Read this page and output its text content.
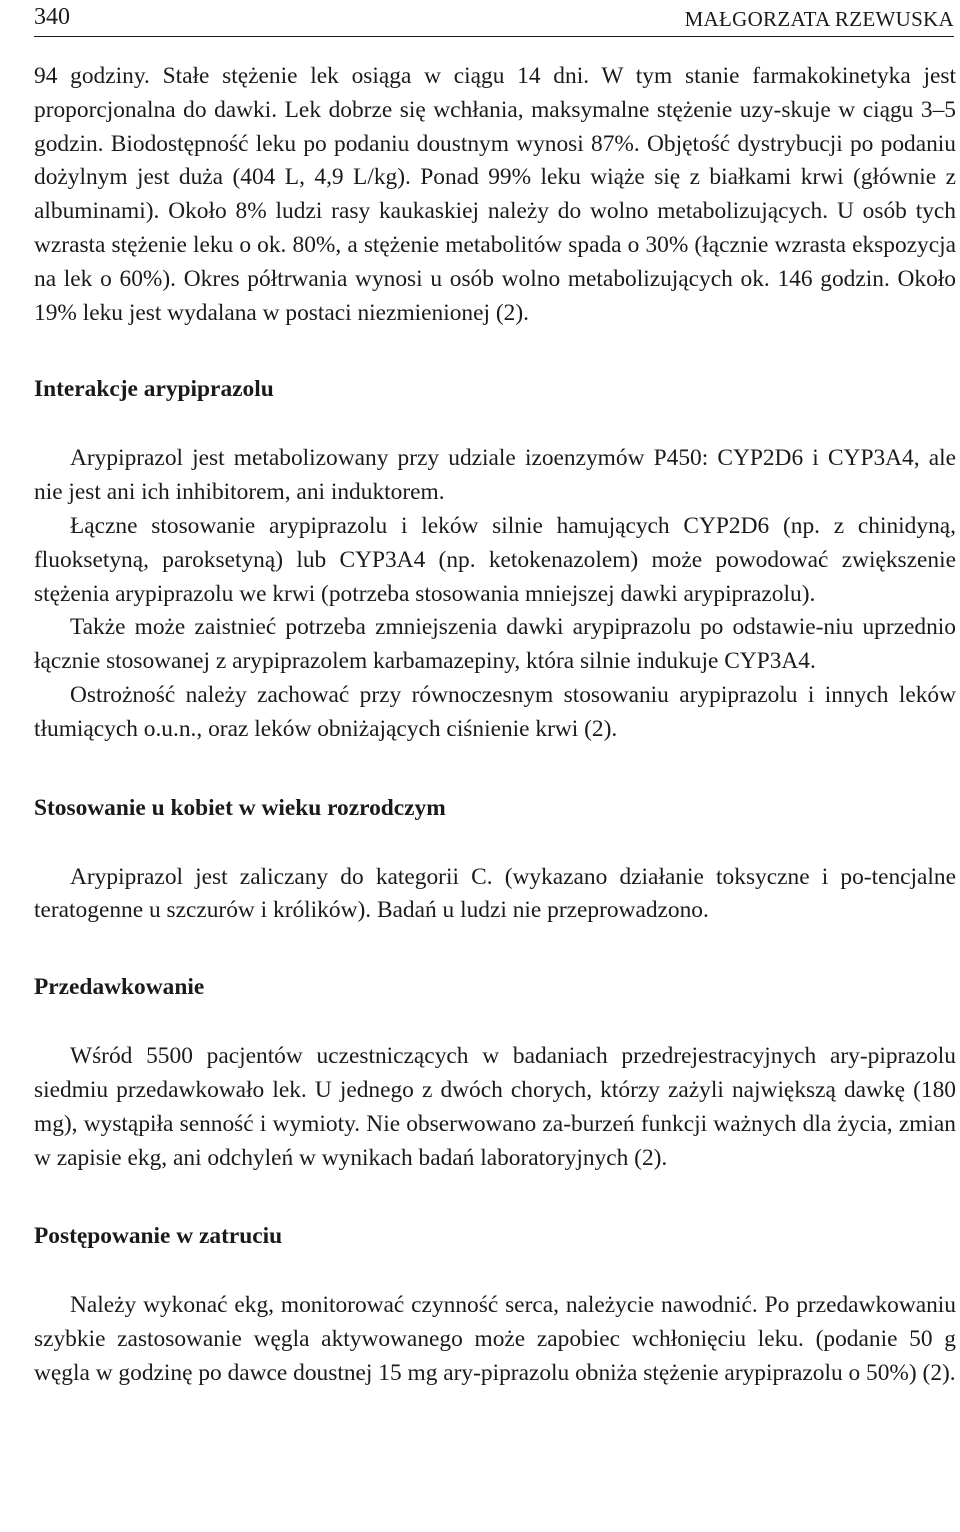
340	MAŁGORZATA RZEWUSKA

94 godziny. Stałe stężenie lek osiąga w ciągu 14 dni. W tym stanie farmakokinetyka jest proporcjonalna do dawki. Lek dobrze się wchłania, maksymalne stężenie uzy-skuje w ciągu 3–5 godzin. Biodostępność leku po podaniu doustnym wynosi 87%. Objętość dystrybucji po podaniu dożylnym jest duża (404 L, 4,9 L/kg). Ponad 99% leku wiąże się z białkami krwi (głównie z albuminami). Około 8% ludzi rasy kaukaskiej należy do wolno metabolizujących. U osób tych wzrasta stężenie leku o ok. 80%, a stężenie metabolitów spada o 30% (łącznie wzrasta ekspozycja na lek o 60%). Okres półtrwania wynosi u osób wolno metabolizujących ok. 146 godzin. Około 19% leku jest wydalana w postaci niezmienionej (2).

Interakcje arypiprazolu

Arypiprazol jest metabolizowany przy udziale izoenzymów P450: CYP2D6 i CYP3A4, ale nie jest ani ich inhibitorem, ani induktorem.

Łączne stosowanie arypiprazolu i leków silnie hamujących CYP2D6 (np. z chinidyną, fluoksetyną, paroksetyną) lub CYP3A4 (np. ketokenazolem) może powodować zwiększenie stężenia arypiprazolu we krwi (potrzeba stosowania mniejszej dawki arypiprazolu).

Także może zaistnieć potrzeba zmniejszenia dawki arypiprazolu po odstawie-niu uprzednio łącznie stosowanej z arypiprazolem karbamazepiny, która silnie indukuje CYP3A4.

Ostrożność należy zachować przy równoczesnym stosowaniu arypiprazolu i innych leków tłumiących o.u.n., oraz leków obniżających ciśnienie krwi (2).

Stosowanie u kobiet w wieku rozrodczym

Arypiprazol jest zaliczany do kategorii C. (wykazano działanie toksyczne i po-tencjalne teratogenne u szczurów i królików). Badań u ludzi nie przeprowadzono.

Przedawkowanie

Wśród 5500 pacjentów uczestniczących w badaniach przedrejestracyjnych ary-piprazolu siedmiu przedawkowało lek. U jednego z dwóch chorych, którzy zażyli największą dawkę (180 mg), wystąpiła senność i wymioty. Nie obserwowano za-burzeń funkcji ważnych dla życia, zmian w zapisie ekg, ani odchyleń w wynikach badań laboratoryjnych (2).

Postępowanie w zatruciu

Należy wykonać ekg, monitorować czynność serca, należycie nawodnić. Po przedawkowaniu szybkie zastosowanie węgla aktywowanego może zapobiec wchłonięciu leku. (podanie 50 g węgla w godzinę po dawce doustnej 15 mg ary-piprazolu obniża stężenie arypiprazolu o 50%) (2).
